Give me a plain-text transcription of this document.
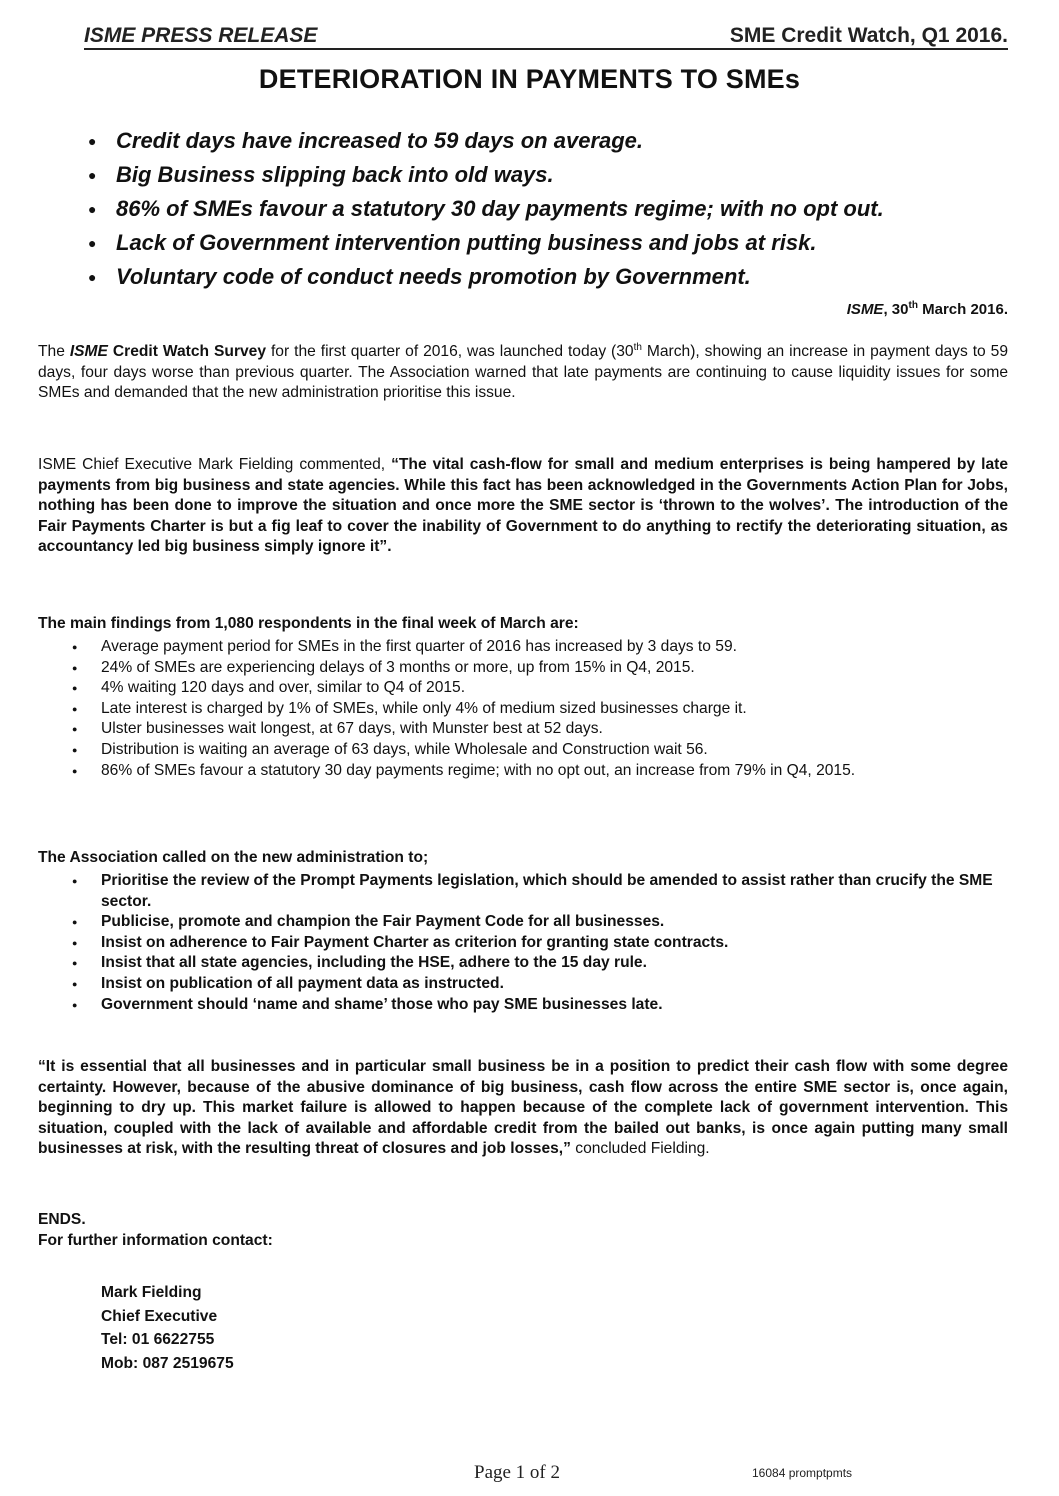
ISME PRESS RELEASE	SME Credit Watch, Q1 2016.
DETERIORATION IN PAYMENTS TO SMEs
● Credit days have increased to 59 days on average.
● Big Business slipping back into old ways.
● 86% of SMEs favour a statutory 30 day payments regime; with no opt out.
● Lack of Government intervention putting business and jobs at risk.
● Voluntary code of conduct needs promotion by Government.
ISME, 30th March 2016.

The ISME Credit Watch Survey for the first quarter of 2016, was launched today (30th March), showing an increase in payment days to 59 days, four days worse than previous quarter. The Association warned that late payments are continuing to cause liquidity issues for some SMEs and demanded that the new administration prioritise this issue.

ISME Chief Executive Mark Fielding commented, “The vital cash-flow for small and medium enterprises is being hampered by late payments from big business and state agencies. While this fact has been acknowledged in the Governments Action Plan for Jobs, nothing has been done to improve the situation and once more the SME sector is ‘thrown to the wolves’. The introduction of the Fair Payments Charter is but a fig leaf to cover the inability of Government to do anything to rectify the deteriorating situation, as accountancy led big business simply ignore it”.

The main findings from 1,080 respondents in the final week of March are:

● Average payment period for SMEs in the first quarter of 2016 has increased by 3 days to 59.
● 24% of SMEs are experiencing delays of 3 months or more, up from 15% in Q4, 2015.
● 4% waiting 120 days and over, similar to Q4 of 2015.
● Late interest is charged by 1% of SMEs, while only 4% of medium sized businesses charge it.
● Ulster businesses wait longest, at 67 days, with Munster best at 52 days.
● Distribution is waiting an average of 63 days, while Wholesale and Construction wait 56.
● 86% of SMEs favour a statutory 30 day payments regime; with no opt out, an increase from 79% in Q4, 2015.

The Association called on the new administration to;

● Prioritise the review of the Prompt Payments legislation, which should be amended to assist rather than crucify the SME sector.
● Publicise, promote and champion the Fair Payment Code for all businesses.
● Insist on adherence to Fair Payment Charter as criterion for granting state contracts.
● Insist that all state agencies, including the HSE, adhere to the 15 day rule.
● Insist on publication of all payment data as instructed.
● Government should ‘name and shame’ those who pay SME businesses late.

“It is essential that all businesses and in particular small business be in a position to predict their cash flow with some degree certainty. However, because of the abusive dominance of big business, cash flow across the entire SME sector is, once again, beginning to dry up. This market failure is allowed to happen because of the complete lack of government intervention. This situation, coupled with the lack of available and affordable credit from the bailed out banks, is once again putting many small businesses at risk, with the resulting threat of closures and job losses,” concluded Fielding.

ENDS.
For further information contact:
Mark Fielding
Chief Executive
Tel: 01 6622755
Mob: 087 2519675
Page 1 of 2	16084 promptpmts
